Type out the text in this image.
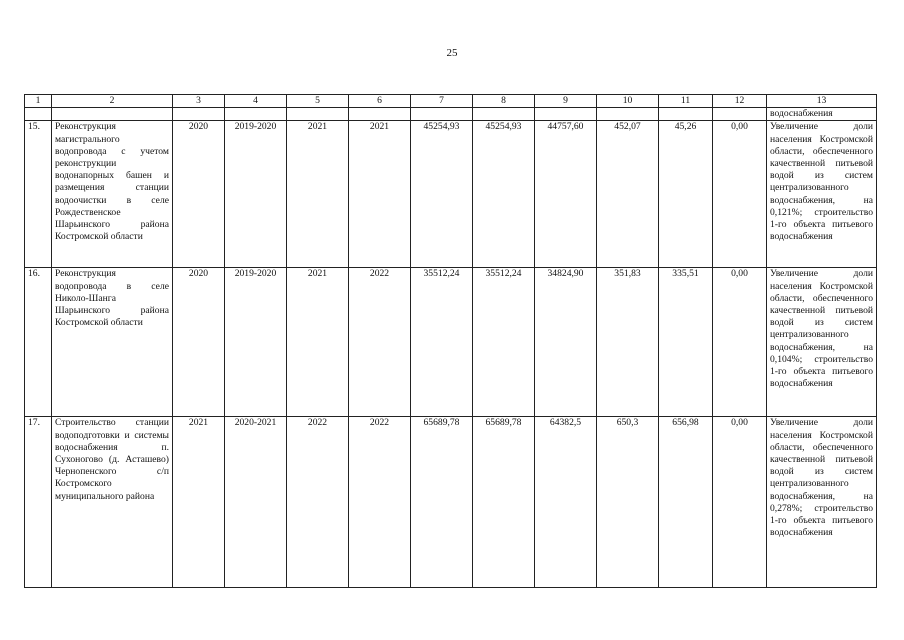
25
1	2	3	4	5	6	7	8	9	10	11	12	13
												водоснабжения
15.	Реконструкция магистрального водопровода с учетом реконструкции водонапорных башен и размещения станции водоочистки в селе Рождественское Шарьинского района Костромской области	2020	2019-2020	2021	2021	45254,93	45254,93	44757,60	452,07	45,26	0,00	Увеличение доли населения Костромской области, обеспеченного качественной питьевой водой из систем централизованного водоснабжения, на 0,121%; строительство 1-го объекта питьевого водоснабжения
16.	Реконструкция водопровода в селе Николо-Шанга Шарьинского района Костромской области	2020	2019-2020	2021	2022	35512,24	35512,24	34824,90	351,83	335,51	0,00	Увеличение доли населения Костромской области, обеспеченного качественной питьевой водой из систем централизованного водоснабжения, на 0,104%; строительство 1-го объекта питьевого водоснабжения
17.	Строительство станции водоподготовки и системы водоснабжения п. Сухоногово (д. Асташево) Чернопенского с/п Костромского муниципального района	2021	2020-2021	2022	2022	65689,78	65689,78	64382,5	650,3	656,98	0,00	Увеличение доли населения Костромской области, обеспеченного качественной питьевой водой из систем централизованного водоснабжения, на 0,278%; строительство 1-го объекта питьевого водоснабжения
